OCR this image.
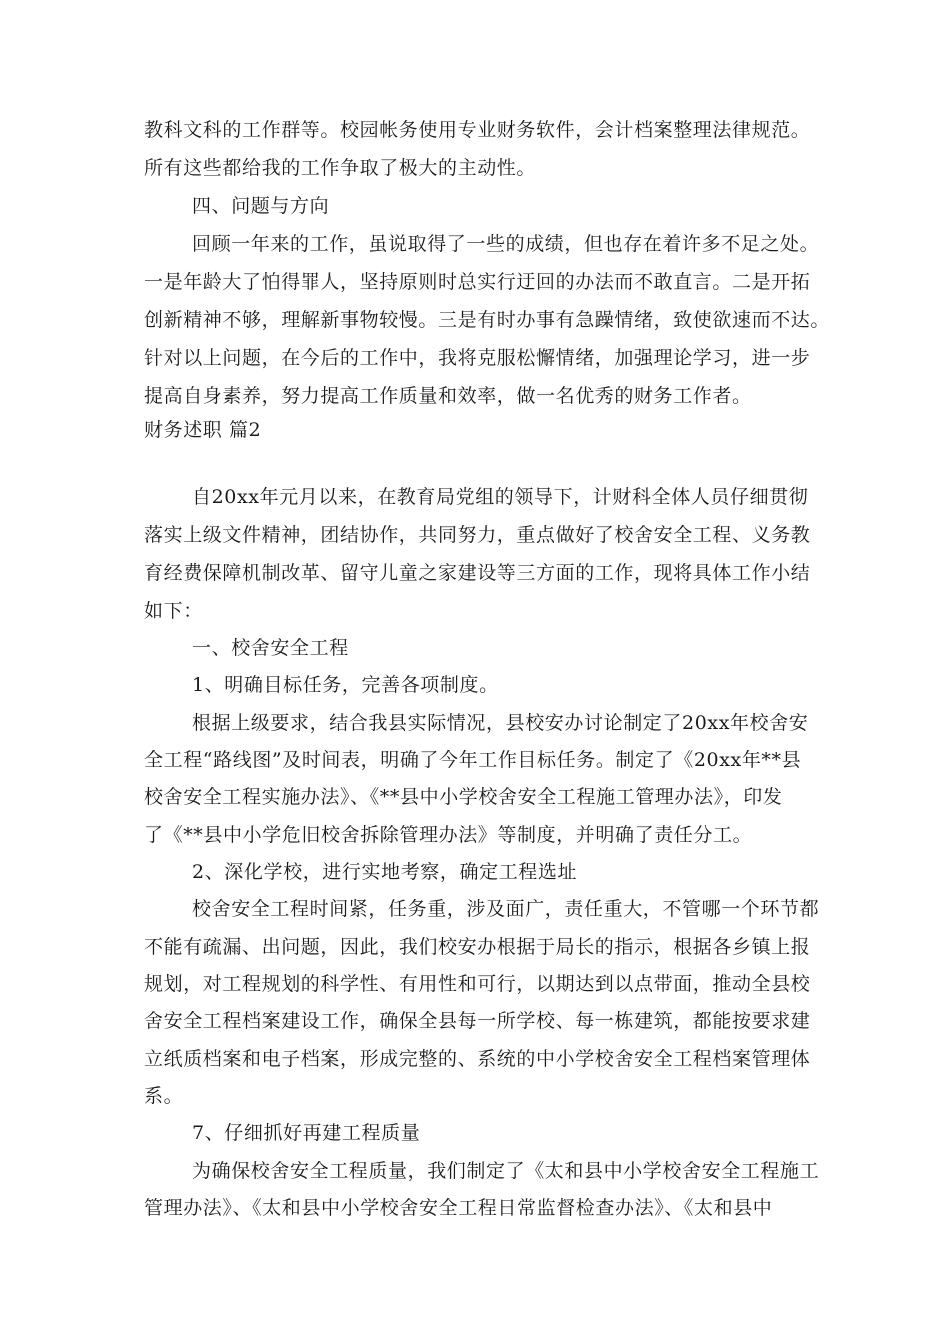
教科文科的工作群等。校园帐务使用专业财务软件，会计档案整理法律规范。
所有这些都给我的工作争取了极大的主动性。
四、问题与方向
回顾一年来的工作，虽说取得了一些的成绩，但也存在着许多不足之处。
一是年龄大了怕得罪人，坚持原则时总实行迂回的办法而不敢直言。二是开拓
创新精神不够，理解新事物较慢。三是有时办事有急躁情绪，致使欲速而不达。
针对以上问题，在今后的工作中，我将克服松懈情绪，加强理论学习，进一步
提高自身素养，努力提高工作质量和效率，做一名优秀的财务工作者。
财务述职 篇2
自20xx年元月以来，在教育局党组的领导下，计财科全体人员仔细贯彻
落实上级文件精神，团结协作，共同努力，重点做好了校舍安全工程、义务教
育经费保障机制改革、留守儿童之家建设等三方面的工作，现将具体工作小结
如下：
一、校舍安全工程
1、明确目标任务，完善各项制度。
根据上级要求，结合我县实际情况，县校安办讨论制定了20xx年校舍安
全工程“路线图”及时间表，明确了今年工作目标任务。制定了《20xx年**县
校舍安全工程实施办法》、《**县中小学校舍安全工程施工管理办法》，印发
了《**县中小学危旧校舍拆除管理办法》等制度，并明确了责任分工。
2、深化学校，进行实地考察，确定工程选址
校舍安全工程时间紧，任务重，涉及面广，责任重大，不管哪一个环节都
不能有疏漏、出问题，因此，我们校安办根据于局长的指示，根据各乡镇上报
规划，对工程规划的科学性、有用性和可行，以期达到以点带面，推动全县校
舍安全工程档案建设工作，确保全县每一所学校、每一栋建筑，都能按要求建
立纸质档案和电子档案，形成完整的、系统的中小学校舍安全工程档案管理体
系。
7、仔细抓好再建工程质量
为确保校舍安全工程质量，我们制定了《太和县中小学校舍安全工程施工
管理办法》、《太和县中小学校舍安全工程日常监督检查办法》、《太和县中
